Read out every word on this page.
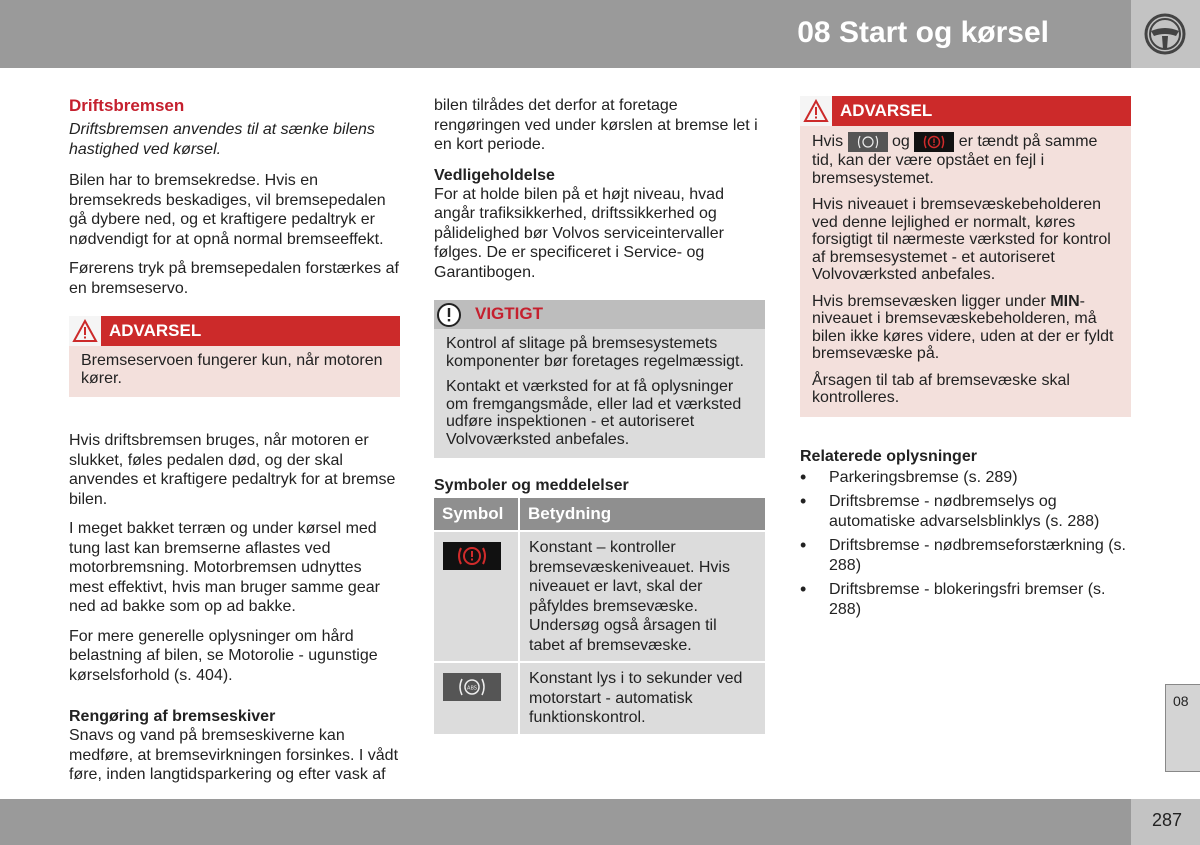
08 Start og kørsel
Driftsbremsen

Driftsbremsen anvendes til at sænke bilens hastighed ved kørsel.

Bilen har to bremsekredse. Hvis en bremsekreds beskadiges, vil bremsepedalen gå dybere ned, og et kraftigere pedaltryk er nødvendigt for at opnå normal bremseeffekt.

Førerens tryk på bremsepedalen forstærkes af en bremseservo.

ADVARSEL

Bremseservoen fungerer kun, når motoren kører.

Hvis driftsbremsen bruges, når motoren er slukket, føles pedalen død, og der skal anvendes et kraftigere pedaltryk for at bremse bilen.

I meget bakket terræn og under kørsel med tung last kan bremserne aflastes ved motorbremsning. Motorbremsen udnyttes mest effektivt, hvis man bruger samme gear ned ad bakke som op ad bakke.

For mere generelle oplysninger om hård belastning af bilen, se Motorolie - ugunstige kørselsforhold (s. 404).

Rengøring af bremseskiver

Snavs og vand på bremseskiverne kan medføre, at bremsevirkningen forsinkes. I vådt føre, inden langtidsparkering og efter vask af

bilen tilrådes det derfor at foretage rengøringen ved under kørslen at bremse let i en kort periode.

Vedligeholdelse

For at holde bilen på et højt niveau, hvad angår trafiksikkerhed, driftssikkerhed og pålidelighed bør Volvos serviceintervaller følges. De er specificeret i Service- og Garantibogen.

VIGTIGT

Kontrol af slitage på bremsesystemets komponenter bør foretages regelmæssigt.

Kontakt et værksted for at få oplysninger om fremgangsmåde, eller lad et værksted udføre inspektionen - et autoriseret Volvoværksted anbefales.

Symboler og meddelelser
Symbol	Betydning
	Konstant – kontroller bremsevæskeniveauet. Hvis niveauet er lavt, skal der påfyldes bremsevæske. Undersøg også årsagen til tabet af bremsevæske.

ABS	Konstant lys i to sekunder ved motorstart - automatisk funktionskontrol.
ADVARSEL

Hvis	og	er tændt på samme tid, kan der være opstået en fejl i bremsesystemet.

Hvis niveauet i bremsevæskebeholderen ved denne lejlighed er normalt, køres forsigtigt til nærmeste værksted for kontrol af bremsesystemet - et autoriseret Volvoværksted anbefales.

Hvis bremsevæsken ligger under MIN-niveauet i bremsevæskebeholderen, må bilen ikke køres videre, uden at der er fyldt bremsevæske på.

Årsagen til tab af bremsevæske skal kontrolleres.

Relaterede oplysninger
• Parkeringsbremse (s. 289)
• Driftsbremse - nødbremselys og automatiske advarselsblinklys (s. 288)
• Driftsbremse - nødbremseforstærkning (s. 288)
• Driftsbremse - blokeringsfri bremser (s. 288)
08
287
